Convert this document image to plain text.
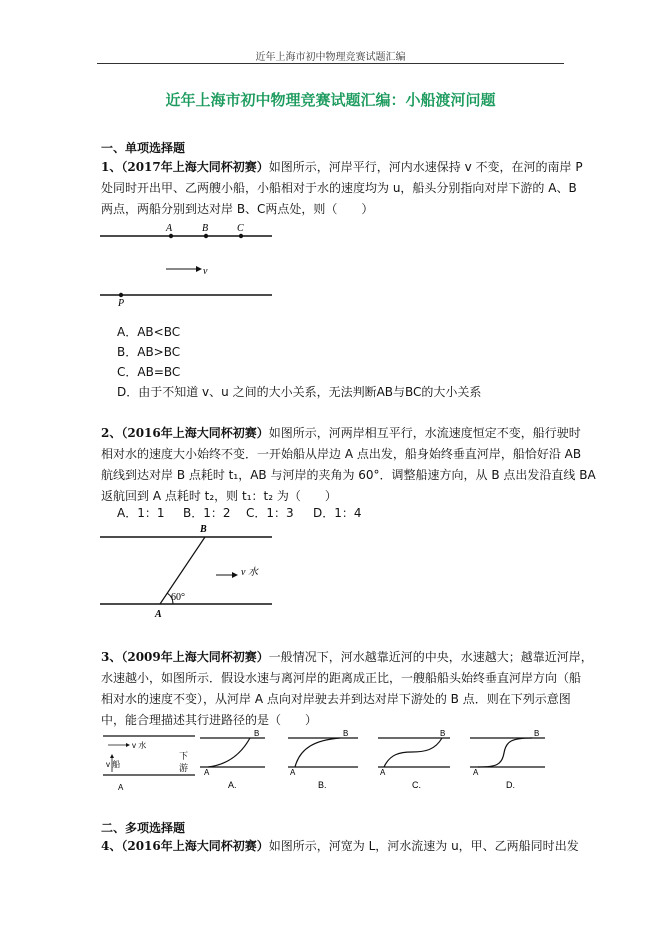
近年上海市初中物理竞赛试题汇编
近年上海市初中物理竞赛试题汇编：小船渡河问题
一、单项选择题
1、（2017年上海大同杯初赛）如图所示，河岸平行，河内水速保持 v 不变，在河的南岸 P
处同时开出甲、乙两艘小船，小船相对于水的速度均为 u，船头分别指向对岸下游的 A、B
两点，两船分别到达对岸 B、C两点处，则（　　）
A	B	C
v
P
A．AB<BC
B．AB>BC
C．AB=BC
D．由于不知道 v、u 之间的大小关系，无法判断AB与BC的大小关系
2、（2016年上海大同杯初赛）如图所示，河两岸相互平行，水流速度恒定不变，船行驶时
相对水的速度大小始终不变．一开始船从岸边 A 点出发，船身始终垂直河岸，船恰好沿 AB
航线到达对岸 B 点耗时 t₁，AB 与河岸的夹角为 60°．调整船速方向，从 B 点出发沿直线 BA
返航回到 A 点耗时 t₂，则 t₁：t₂ 为（　　）
A．1：1 B．1：2 C．1：3 D．1：4
B
60°
v 水
A
3、（2009年上海大同杯初赛）一般情况下，河水越靠近河的中央，水速越大；越靠近河岸，
水速越小，如图所示．假设水速与离河岸的距离成正比，一艘船船头始终垂直河岸方向（船
相对水的速度不变），从河岸 A 点向对岸驶去并到达对岸下游处的 B 点．则在下列示意图
中，能合理描述其行进路径的是（　　）
v 水
v 船
A
下
游 A
B
A.
A
B
B.
A
B
C.
A
B
D.
二、多项选择题
4、（2016年上海大同杯初赛）如图所示，河宽为 L，河水流速为 u，甲、乙两船同时出发
